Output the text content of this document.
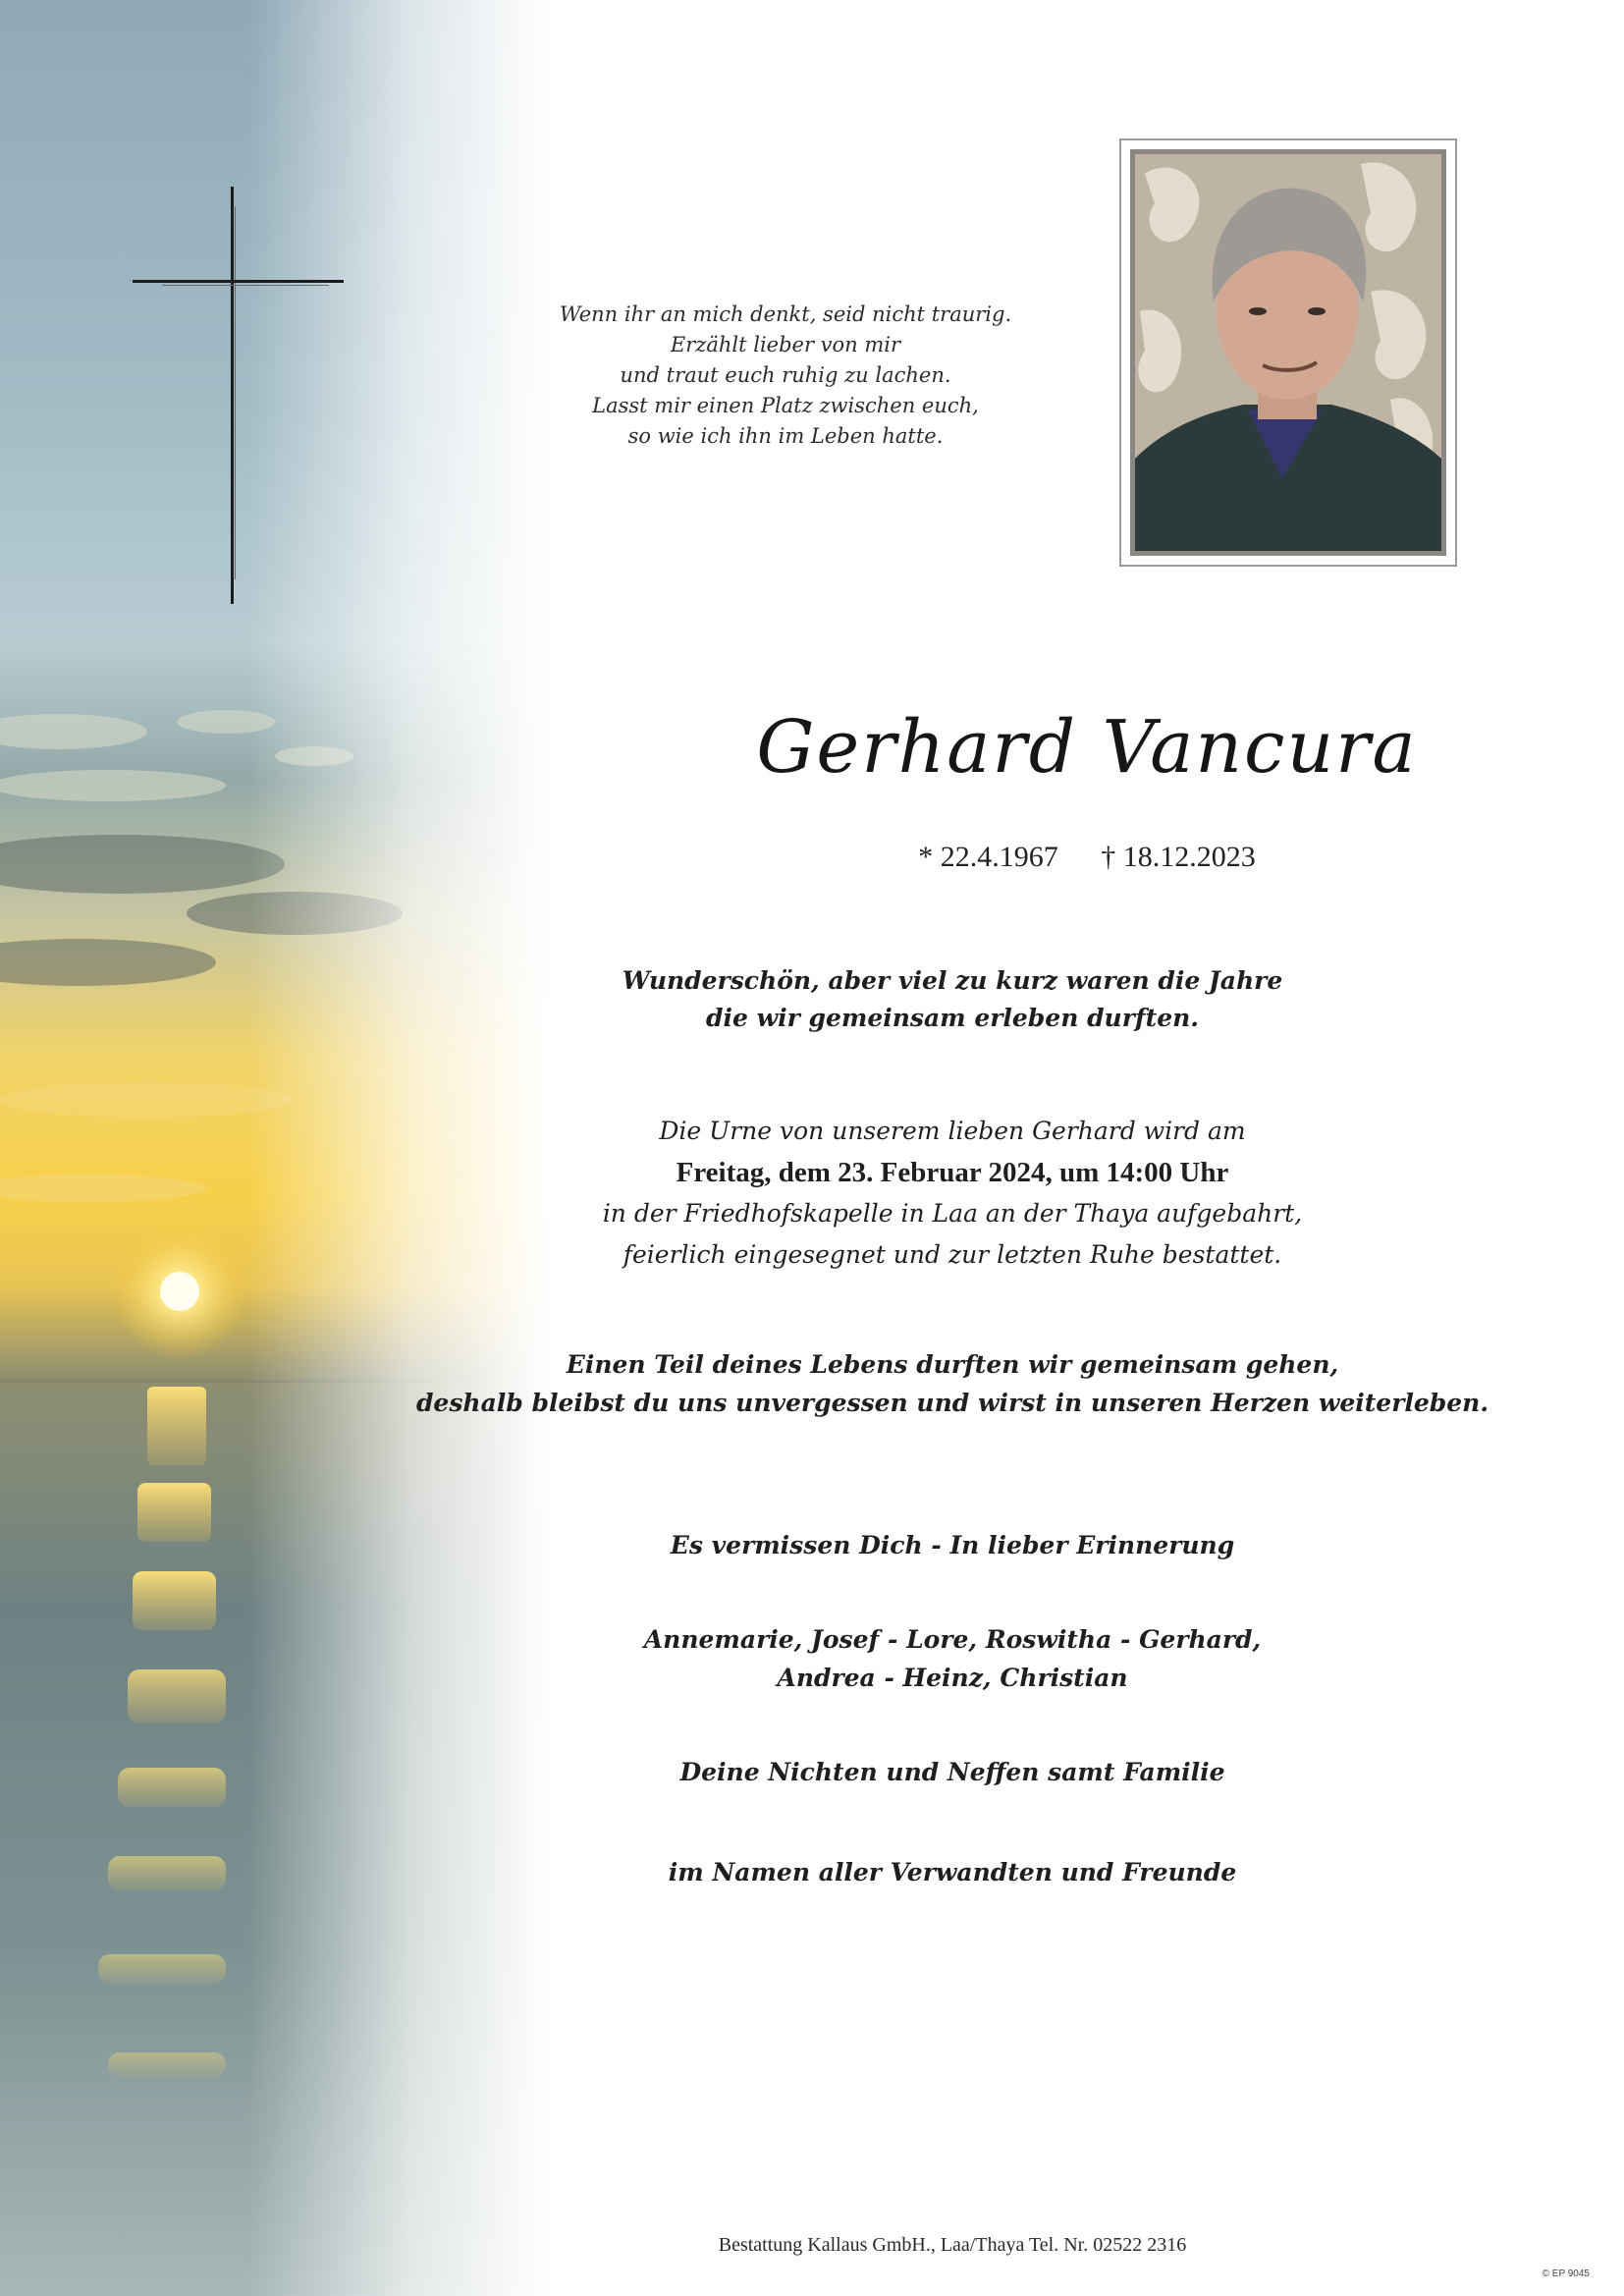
Wenn ihr an mich denkt, seid nicht traurig.
Erzählt lieber von mir
und traut euch ruhig zu lachen.
Lasst mir einen Platz zwischen euch,
so wie ich ihn im Leben hatte.
Gerhard Vancura
* 22.4.1967 † 18.12.2023
Wunderschön, aber viel zu kurz waren die Jahre
die wir gemeinsam erleben durften.
Die Urne von unserem lieben Gerhard wird am
Freitag, dem 23. Februar 2024, um 14:00 Uhr
in der Friedhofskapelle in Laa an der Thaya aufgebahrt,
feierlich eingesegnet und zur letzten Ruhe bestattet.
Einen Teil deines Lebens durften wir gemeinsam gehen,
deshalb bleibst du uns unvergessen und wirst in unseren Herzen weiterleben.
Es vermissen Dich - In lieber Erinnerung
Annemarie, Josef - Lore, Roswitha - Gerhard,
Andrea - Heinz, Christian
Deine Nichten und Neffen samt Familie
im Namen aller Verwandten und Freunde
Bestattung Kallaus GmbH., Laa/Thaya Tel. Nr. 02522 2316
© EP 9045
